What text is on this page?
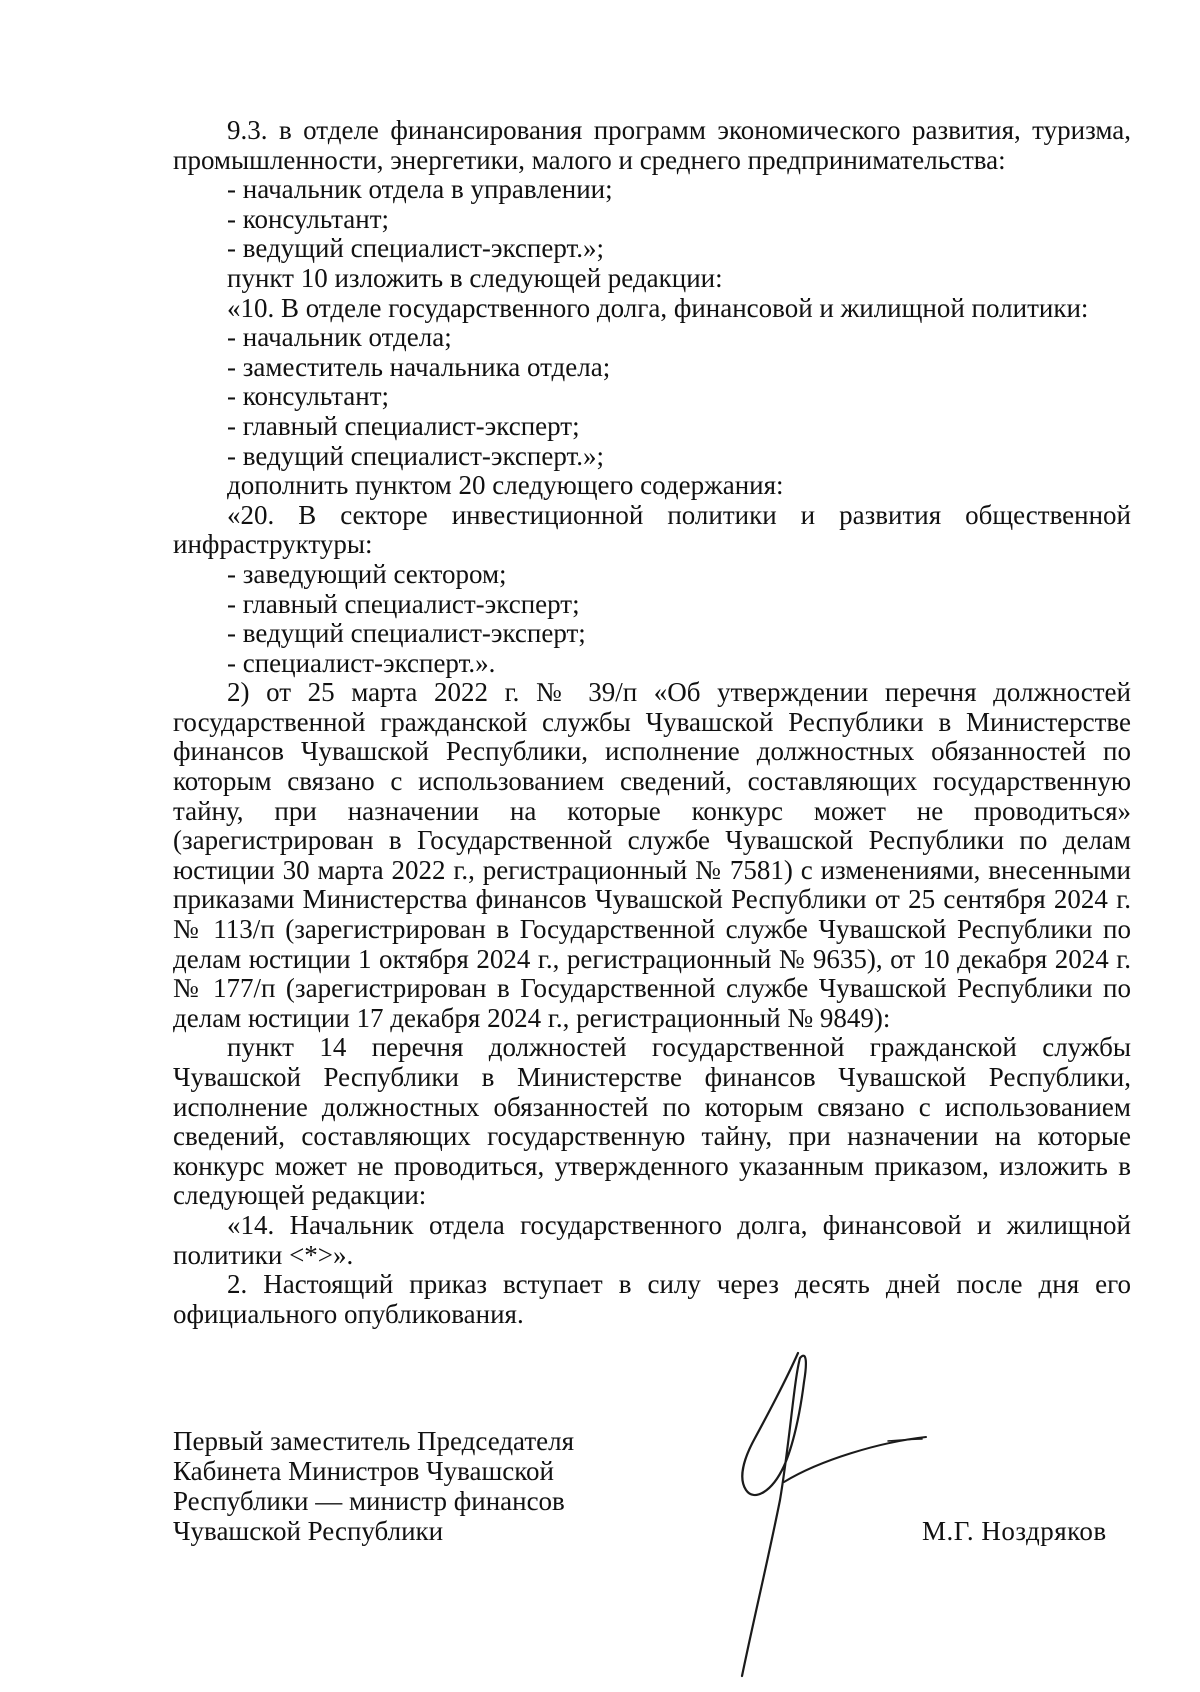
9.3. в отделе финансирования программ экономического развития, туризма, промышленности, энергетики, малого и среднего предпринимательства:

- начальник отдела в управлении;

- консультант;

- ведущий специалист-эксперт.»;

пункт 10 изложить в следующей редакции:

«10. В отделе государственного долга, финансовой и жилищной политики:

- начальник отдела;

- заместитель начальника отдела;

- консультант;

- главный специалист-эксперт;

- ведущий специалист-эксперт.»;

дополнить пунктом 20 следующего содержания:

«20. В секторе инвестиционной политики и развития общественной инфраструктуры:

- заведующий сектором;

- главный специалист-эксперт;

- ведущий специалист-эксперт;

- специалист-эксперт.».

2) от 25 марта 2022 г. № 39/п «Об утверждении перечня должностей государственной гражданской службы Чувашской Республики в Министерстве финансов Чувашской Республики, исполнение должностных обязанностей по которым связано с использованием сведений, составляющих государственную тайну, при назначении на которые конкурс может не проводиться» (зарегистрирован в Государственной службе Чувашской Республики по делам юстиции 30 марта 2022 г., регистрационный № 7581) с изменениями, внесенными приказами Министерства финансов Чувашской Республики от 25 сентября 2024 г. № 113/п (зарегистрирован в Государственной службе Чувашской Республики по делам юстиции 1 октября 2024 г., регистрационный № 9635), от 10 декабря 2024 г. № 177/п (зарегистрирован в Государственной службе Чувашской Республики по делам юстиции 17 декабря 2024 г., регистрационный № 9849):

пункт 14 перечня должностей государственной гражданской службы Чувашской Республики в Министерстве финансов Чувашской Республики, исполнение должностных обязанностей по которым связано с использованием сведений, составляющих государственную тайну, при назначении на которые конкурс может не проводиться, утвержденного указанным приказом, изложить в следующей редакции:

«14. Начальник отдела государственного долга, финансовой и жилищной политики <*>».

2. Настоящий приказ вступает в силу через десять дней после дня его официального опубликования.

Первый заместитель Председателя
Кабинета Министров Чувашской
Республики — министр финансов
Чувашской Республики	М.Г. Ноздряков
